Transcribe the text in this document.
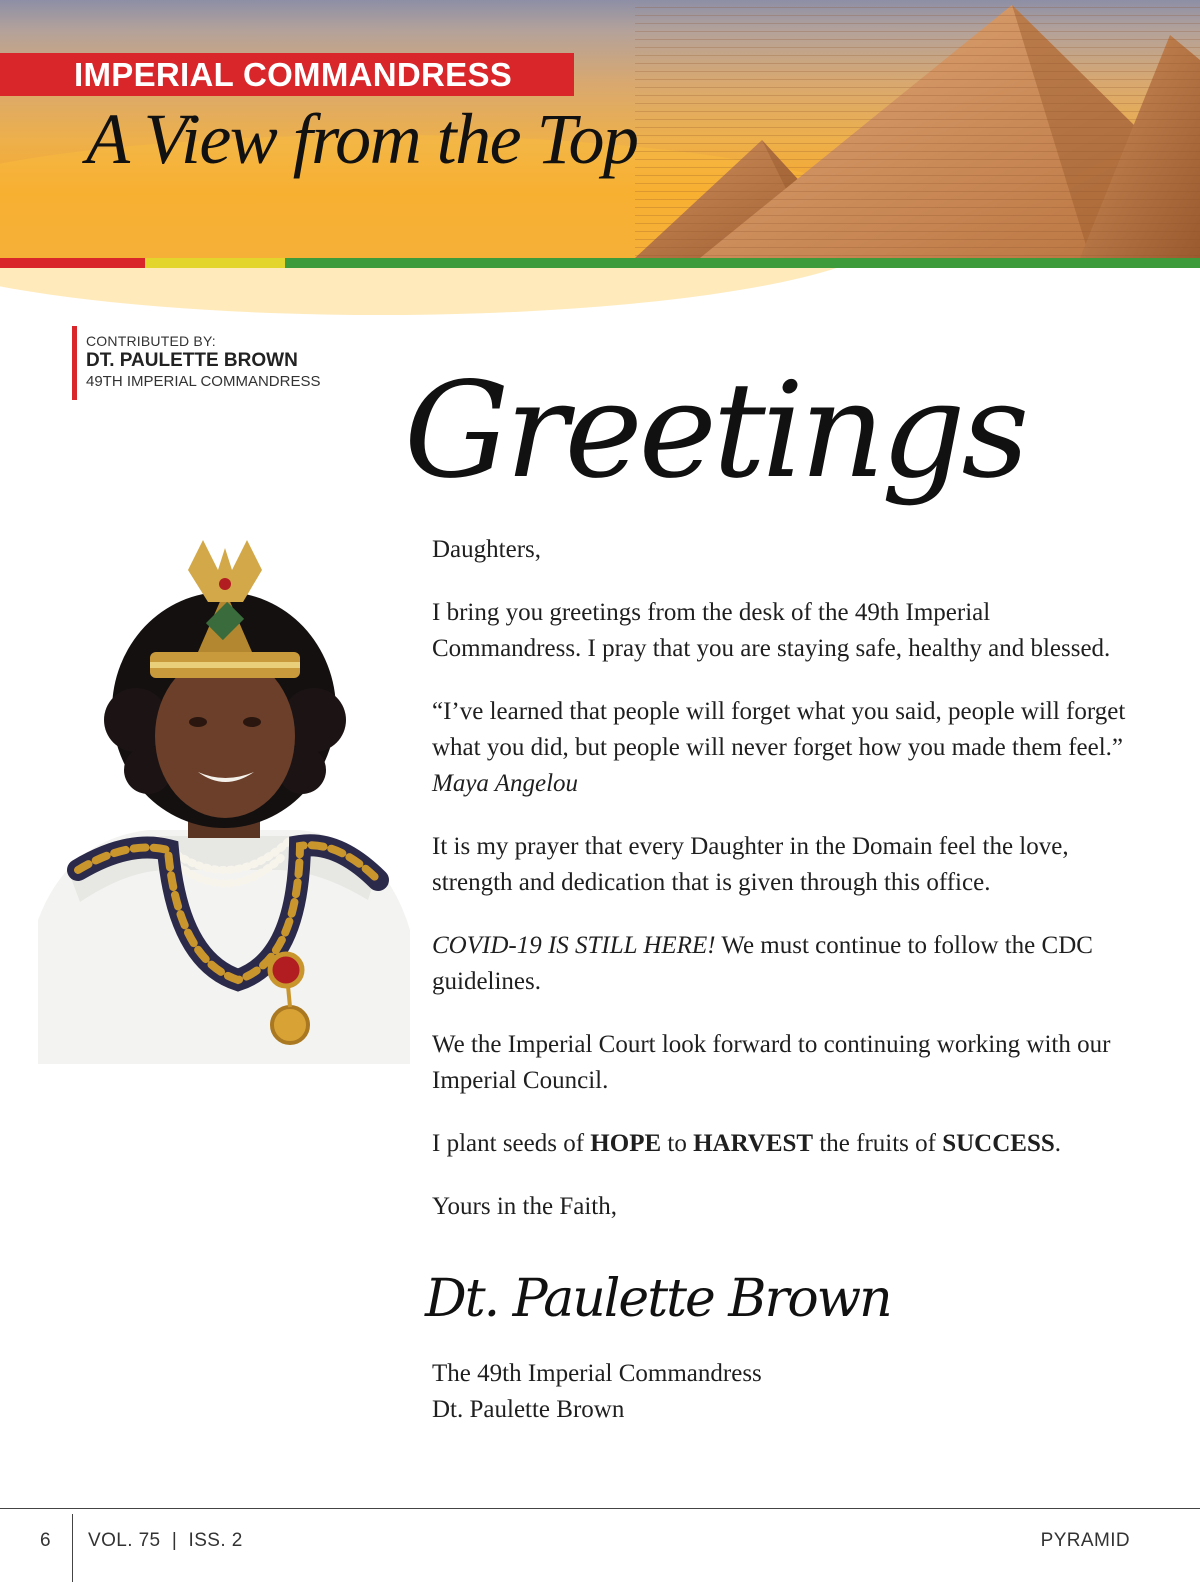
IMPERIAL COMMANDRESS
A View from the Top
CONTRIBUTED BY:
DT. PAULETTE BROWN
49TH IMPERIAL COMMANDRESS Greetings

Daughters,

I bring you greetings from the desk of the 49th Imperial Commandress. I pray that you are staying safe, healthy and blessed.

“I’ve learned that people will forget what you said, people will forget what you did, but people will never forget how you made them feel.” Maya Angelou

It is my prayer that every Daughter in the Domain feel the love, strength and dedication that is given through this office.

COVID-19 IS STILL HERE! We must continue to follow the CDC guidelines.

We the Imperial Court look forward to continuing working with our Imperial Council.

I plant seeds of HOPE to HARVEST the fruits of SUCCESS.

Yours in the Faith,

Dt. Paulette Brown
The 49th Imperial Commandress
Dt. Paulette Brown
6 VOL. 75  |  ISS. 2	PYRAMID
